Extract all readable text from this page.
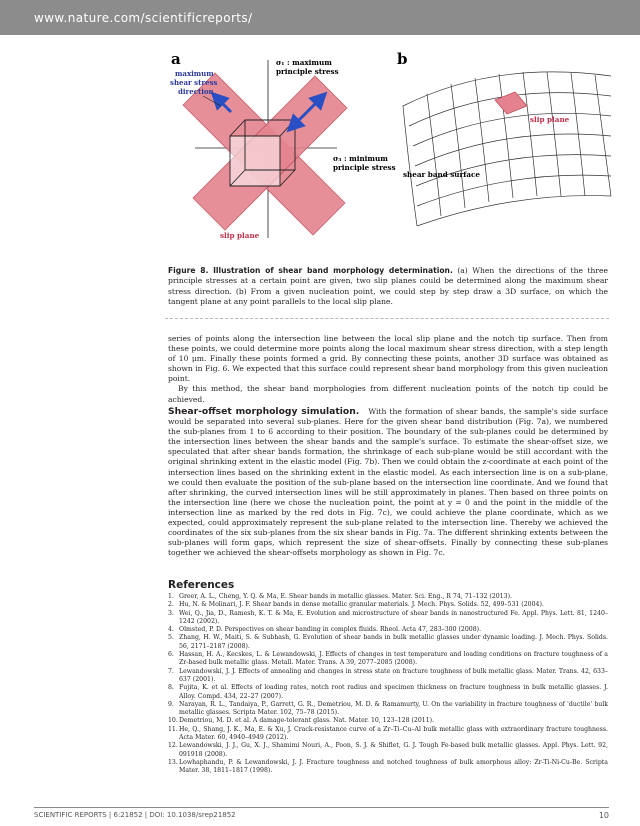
www.nature.com/scientificreports/
a	σ₁ : maximum
principle stress
maximum
shear stress
direction
σ₃ : minimum
principle stress
slip plane
b
slip plane
shear band surface
Figure 8. Illustration of shear band morphology determination. (a) When the directions of the three principle stresses at a certain point are given, two slip planes could be determined along the maximum shear stress direction. (b) From a given nucleation point, we could step by step draw a 3D surface, on which the tangent plane at any point parallels to the local slip plane.

series of points along the intersection line between the local slip plane and the notch tip surface. Then from these points, we could determine more points along the local maximum shear stress direction, with a step length of 10 μm. Finally these points formed a grid. By connecting these points, another 3D surface was obtained as shown in Fig. 6. We expected that this surface could represent shear band morphology from this given nucleation point.

By this method, the shear band morphologies from different nucleation points of the notch tip could be achieved.

Shear-offset morphology simulation. With the formation of shear bands, the sample's side surface would be separated into several sub-planes. Here for the given shear band distribution (Fig. 7a), we numbered the sub-planes from 1 to 6 according to their position. The boundary of the sub-planes could be determined by the intersection lines between the shear bands and the sample's surface. To estimate the shear-offset size, we speculated that after shear bands formation, the shrinkage of each sub-plane would be still accordant with the original shrinking extent in the elastic model (Fig. 7b). Then we could obtain the z-coordinate at each point of the intersection lines based on the shrinking extent in the elastic model. As each intersection line is on a sub-plane, we could then evaluate the position of the sub-plane based on the intersection line coordinate. And we found that after shrinking, the curved intersection lines will be still approximately in planes. Then based on three points on the intersection line (here we chose the nucleation point, the point at y = 0 and the point in the middle of the intersection line as marked by the red dots in Fig. 7c), we could achieve the plane coordinate, which as we expected, could approximately represent the sub-plane related to the intersection line. Thereby we achieved the coordinates of the six sub-planes from the six shear bands in Fig. 7a. The different shrinking extents between the sub-planes will form gaps, which represent the size of shear-offsets. Finally by connecting these sub-planes together we achieved the shear-offsets morphology as shown in Fig. 7c.

References
1. Greer, A. L., Cheng, Y. Q. & Ma, E. Shear bands in metallic glasses. Mater. Sci. Eng., R 74, 71–132 (2013).
2. Hu, N. & Molinari, J. F. Shear bands in dense metallic granular materials. J. Mech. Phys. Solids. 52, 499–531 (2004).
3. Wei, Q., Jia, D., Ramesh, K. T. & Ma, E. Evolution and microstructure of shear bands in nanostructured Fe. Appl. Phys. Lett. 81, 1240–1242 (2002).
4. Olmsted, P. D. Perspectives on shear banding in complex fluids. Rheol. Acta 47, 283–300 (2008).
5. Zhang, H. W., Maiti, S. & Subhash, G. Evolution of shear bands in bulk metallic glasses under dynamic loading. J. Mech. Phys. Solids. 56, 2171–2187 (2008).
6. Hassan, H. A., Kecskes, L. & Lewandowski, J. Effects of changes in test temperature and loading conditions on fracture toughness of a Zr-based bulk metallic glass. Metall. Mater. Trans. A 39, 2077–2085 (2008).
7. Lewandowski, J. J. Effects of annealing and changes in stress state on fracture toughness of bulk metallic glass. Mater. Trans. 42, 633–637 (2001).
8. Fujita, K. et al. Effects of loading rates, notch root radius and specimen thickness on fracture toughness in bulk metallic glasses. J. Alloy. Compd. 434, 22–27 (2007).
9. Narayan, R. L., Tandaiya, P., Garrett, G. R., Demetriou, M. D. & Ramamurty, U. On the variability in fracture toughness of 'ductile' bulk metallic glasses. Scripta Mater. 102, 75–78 (2015).
10. Demetriou, M. D. et al. A damage-tolerant glass. Nat. Mater. 10, 123–128 (2011).
11. He, Q., Shang, J. K., Ma, E. & Xu, J. Crack-resistance curve of a Zr–Ti–Cu–Al bulk metallic glass with extraordinary fracture toughness. Acta Mater. 60, 4940–4949 (2012).
12. Lewandowski, J. J., Gu, X. J., Shamimi Nouri, A., Poon, S. J. & Shiflet, G. J. Tough Fe-based bulk metallic glasses. Appl. Phys. Lett. 92, 091918 (2008).
13. Lowhaphandu, P. & Lewandowski, J. J. Fracture toughness and notched toughness of bulk amorphous alloy: Zr-Ti-Ni-Cu-Be. Scripta Mater. 38, 1811–1817 (1998).
SCIENTIFIC REPORTS | 6:21852 | DOI: 10.1038/srep21852	10
